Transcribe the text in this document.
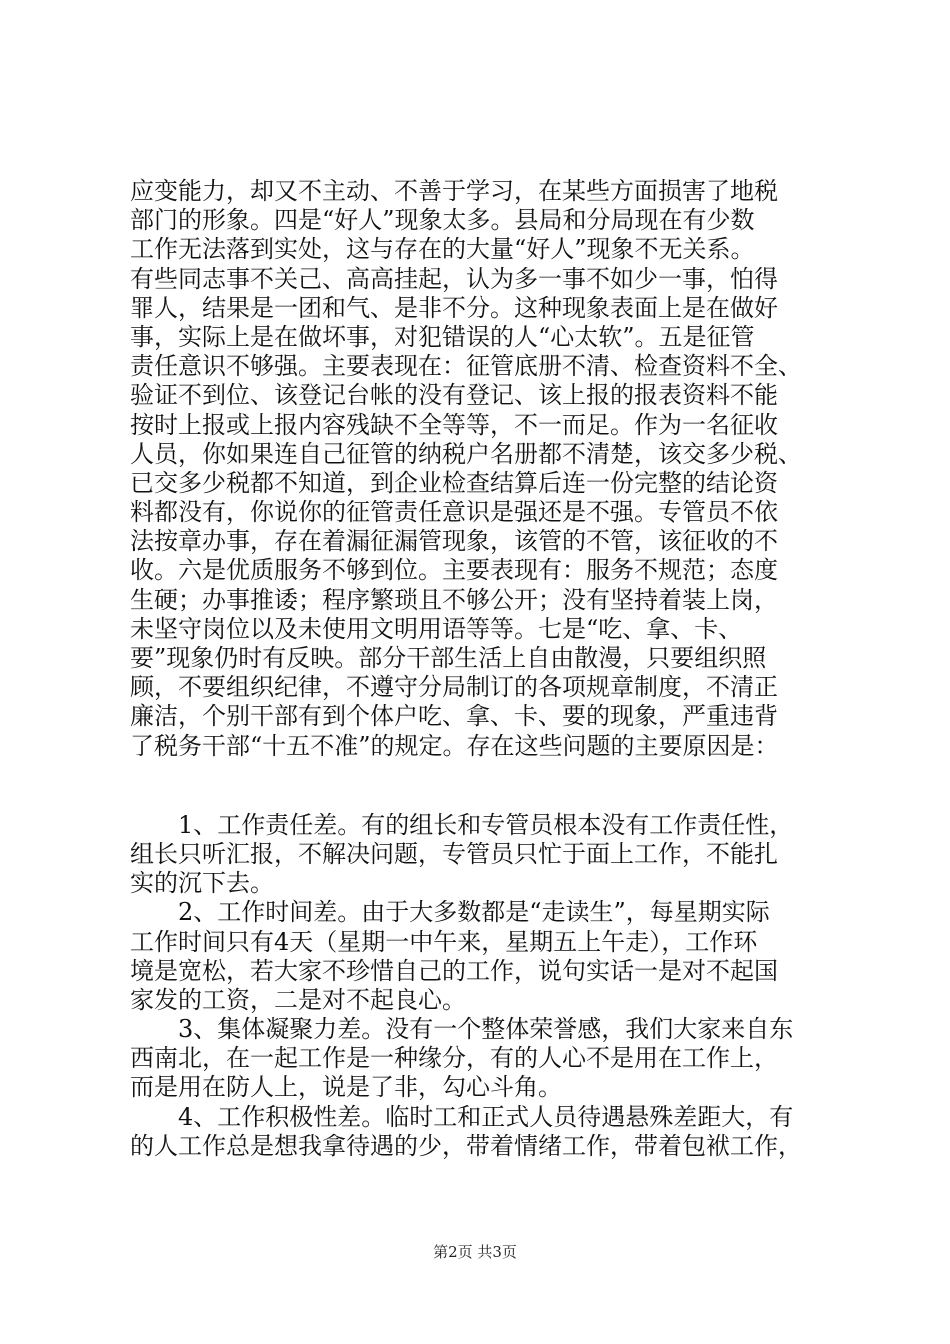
应变能力，却又不主动、不善于学习，在某些方面损害了地税
部门的形象。四是“好人”现象太多。县局和分局现在有少数
工作无法落到实处，这与存在的大量“好人”现象不无关系。
有些同志事不关己、高高挂起，认为多一事不如少一事，怕得
罪人，结果是一团和气、是非不分。这种现象表面上是在做好
事，实际上是在做坏事，对犯错误的人“心太软”。五是征管
责任意识不够强。主要表现在：征管底册不清、检查资料不全、
验证不到位、该登记台帐的没有登记、该上报的报表资料不能
按时上报或上报内容残缺不全等等，不一而足。作为一名征收
人员，你如果连自己征管的纳税户名册都不清楚，该交多少税、
已交多少税都不知道，到企业检查结算后连一份完整的结论资
料都没有，你说你的征管责任意识是强还是不强。专管员不依
法按章办事，存在着漏征漏管现象，该管的不管，该征收的不
收。六是优质服务不够到位。主要表现有：服务不规范；态度
生硬；办事推诿；程序繁琐且不够公开；没有坚持着装上岗，
未坚守岗位以及未使用文明用语等等。七是“吃、拿、卡、
要”现象仍时有反映。部分干部生活上自由散漫，只要组织照
顾，不要组织纪律，不遵守分局制订的各项规章制度，不清正
廉洁，个别干部有到个体户吃、拿、卡、要的现象，严重违背
了税务干部“十五不准”的规定。存在这些问题的主要原因是：
1、工作责任差。有的组长和专管员根本没有工作责任性，
组长只听汇报，不解决问题，专管员只忙于面上工作，不能扎
实的沉下去。
2、工作时间差。由于大多数都是“走读生”，每星期实际
工作时间只有4天（星期一中午来，星期五上午走），工作环
境是宽松，若大家不珍惜自己的工作，说句实话一是对不起国
家发的工资，二是对不起良心。
3、集体凝聚力差。没有一个整体荣誉感，我们大家来自东
西南北，在一起工作是一种缘分，有的人心不是用在工作上，
而是用在防人上，说是了非，勾心斗角。
4、工作积极性差。临时工和正式人员待遇悬殊差距大，有
的人工作总是想我拿待遇的少，带着情绪工作，带着包袱工作，
第2页 共3页
